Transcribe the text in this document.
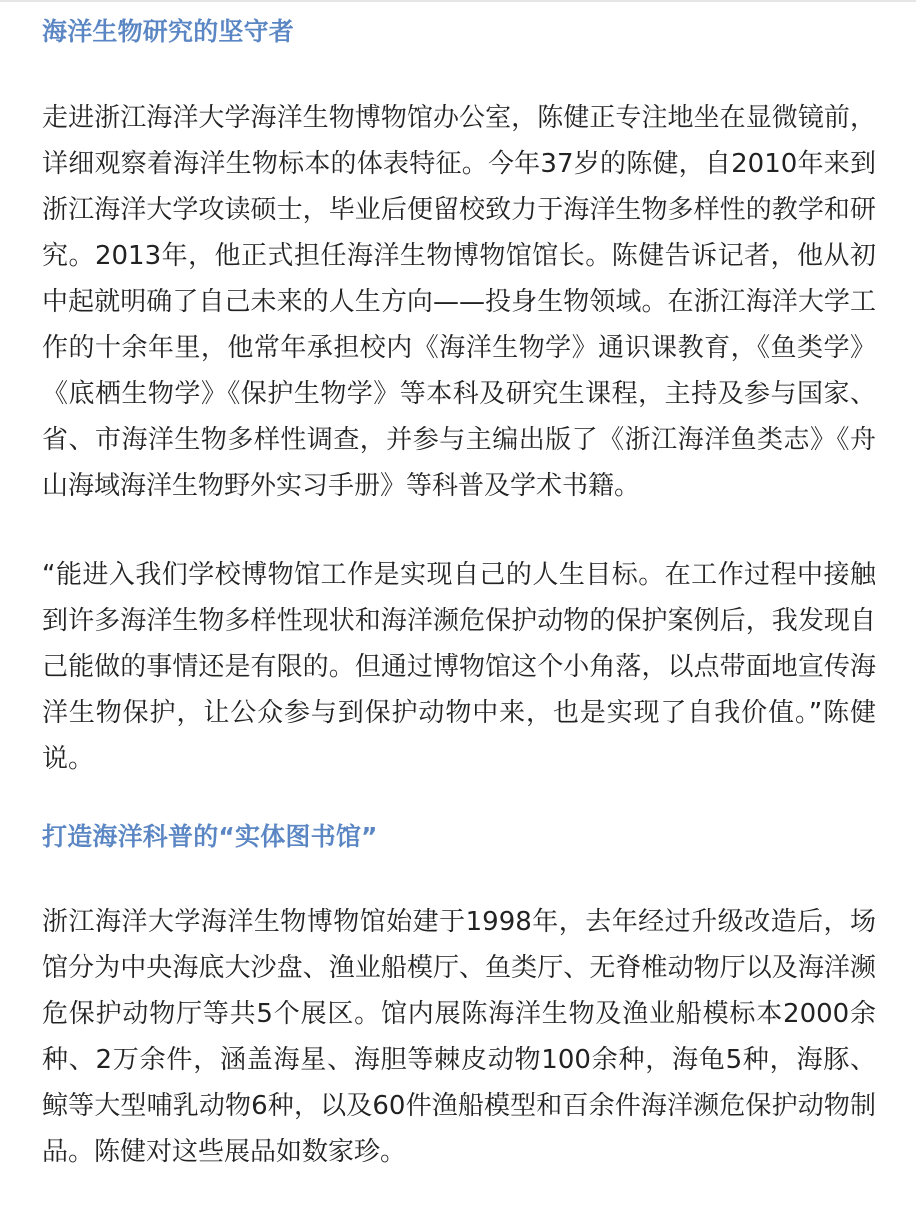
海洋生物研究的坚守者

走进浙江海洋大学海洋生物博物馆办公室，陈健正专注地坐在显微镜前，详细观察着海洋生物标本的体表特征。今年37岁的陈健，自2010年来到浙江海洋大学攻读硕士，毕业后便留校致力于海洋生物多样性的教学和研究。2013年，他正式担任海洋生物博物馆馆长。陈健告诉记者，他从初中起就明确了自己未来的人生方向——投身生物领域。在浙江海洋大学工作的十余年里，他常年承担校内《海洋生物学》通识课教育，《鱼类学》《底栖生物学》《保护生物学》等本科及研究生课程，主持及参与国家、省、市海洋生物多样性调查，并参与主编出版了《浙江海洋鱼类志》《舟山海域海洋生物野外实习手册》等科普及学术书籍。

“能进入我们学校博物馆工作是实现自己的人生目标。在工作过程中接触到许多海洋生物多样性现状和海洋濒危保护动物的保护案例后，我发现自己能做的事情还是有限的。但通过博物馆这个小角落，以点带面地宣传海洋生物保护，让公众参与到保护动物中来，也是实现了自我价值。”陈健说。

打造海洋科普的“实体图书馆”

浙江海洋大学海洋生物博物馆始建于1998年，去年经过升级改造后，场馆分为中央海底大沙盘、渔业船模厅、鱼类厅、无脊椎动物厅以及海洋濒危保护动物厅等共5个展区。馆内展陈海洋生物及渔业船模标本2000余种、2万余件，涵盖海星、海胆等棘皮动物100余种，海龟5种，海豚、鲸等大型哺乳动物6种，以及60件渔船模型和百余件海洋濒危保护动物制品。陈健对这些展品如数家珍。
